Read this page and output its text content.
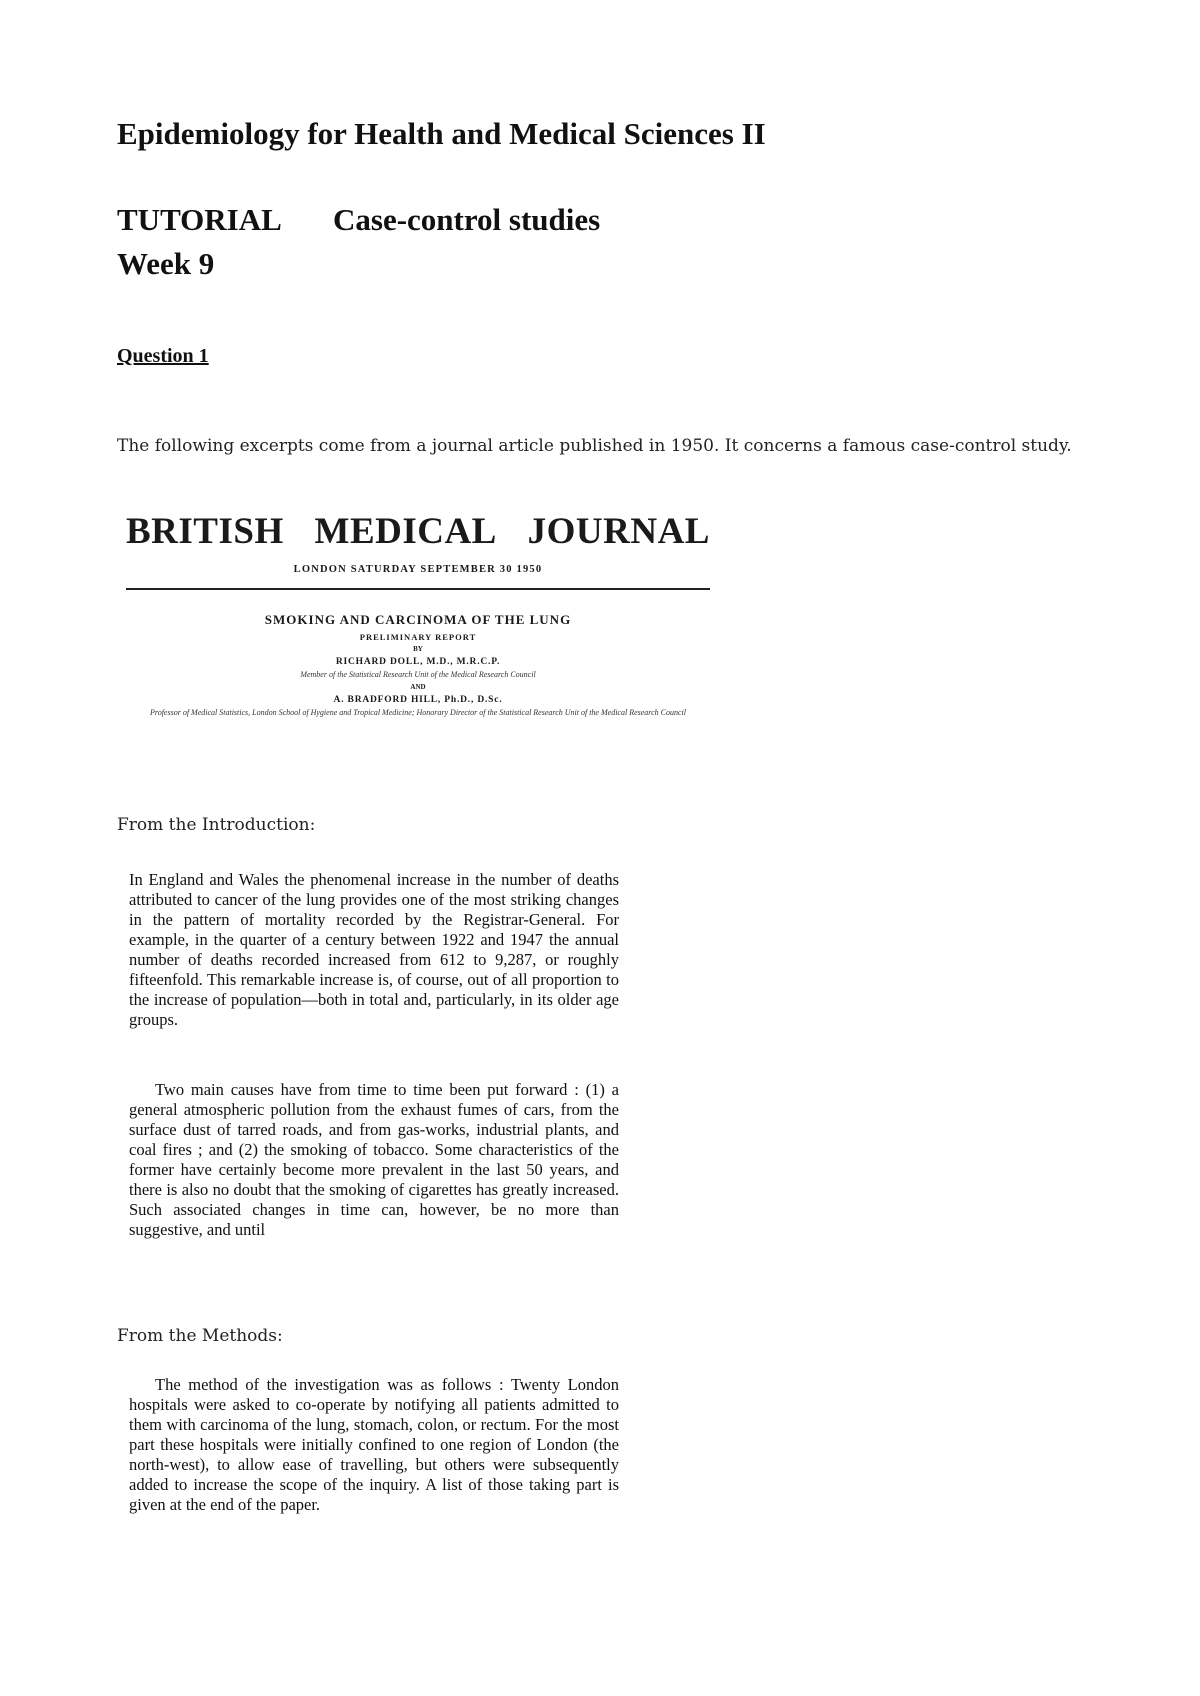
Epidemiology for Health and Medical Sciences II
TUTORIAL Case-control studies
Week 9
Question 1
The following excerpts come from a journal article published in 1950. It concerns a famous case-control study.
BRITISH MEDICAL JOURNAL
LONDON SATURDAY SEPTEMBER 30 1950
SMOKING AND CARCINOMA OF THE LUNG
PRELIMINARY REPORT
BY
RICHARD DOLL, M.D., M.R.C.P.
Member of the Statistical Research Unit of the Medical Research Council
AND
A. BRADFORD HILL, Ph.D., D.Sc.
Professor of Medical Statistics, London School of Hygiene and Tropical Medicine; Honorary Director of the Statistical Research Unit of the Medical Research Council
From the Introduction:

In England and Wales the phenomenal increase in the number of deaths attributed to cancer of the lung provides one of the most striking changes in the pattern of mortality recorded by the Registrar-General. For example, in the quarter of a century between 1922 and 1947 the annual number of deaths recorded increased from 612 to 9,287, or roughly fifteenfold. This remarkable increase is, of course, out of all proportion to the increase of population—both in total and, particularly, in its older age groups.

Two main causes have from time to time been put forward : (1) a general atmospheric pollution from the exhaust fumes of cars, from the surface dust of tarred roads, and from gas-works, industrial plants, and coal fires ; and (2) the smoking of tobacco. Some characteristics of the former have certainly become more prevalent in the last 50 years, and there is also no doubt that the smoking of cigarettes has greatly increased. Such associated changes in time can, however, be no more than suggestive, and until

From the Methods:

The method of the investigation was as follows : Twenty London hospitals were asked to co-operate by notifying all patients admitted to them with carcinoma of the lung, stomach, colon, or rectum. For the most part these hospitals were initially confined to one region of London (the north-west), to allow ease of travelling, but others were subsequently added to increase the scope of the inquiry. A list of those taking part is given at the end of the paper.
